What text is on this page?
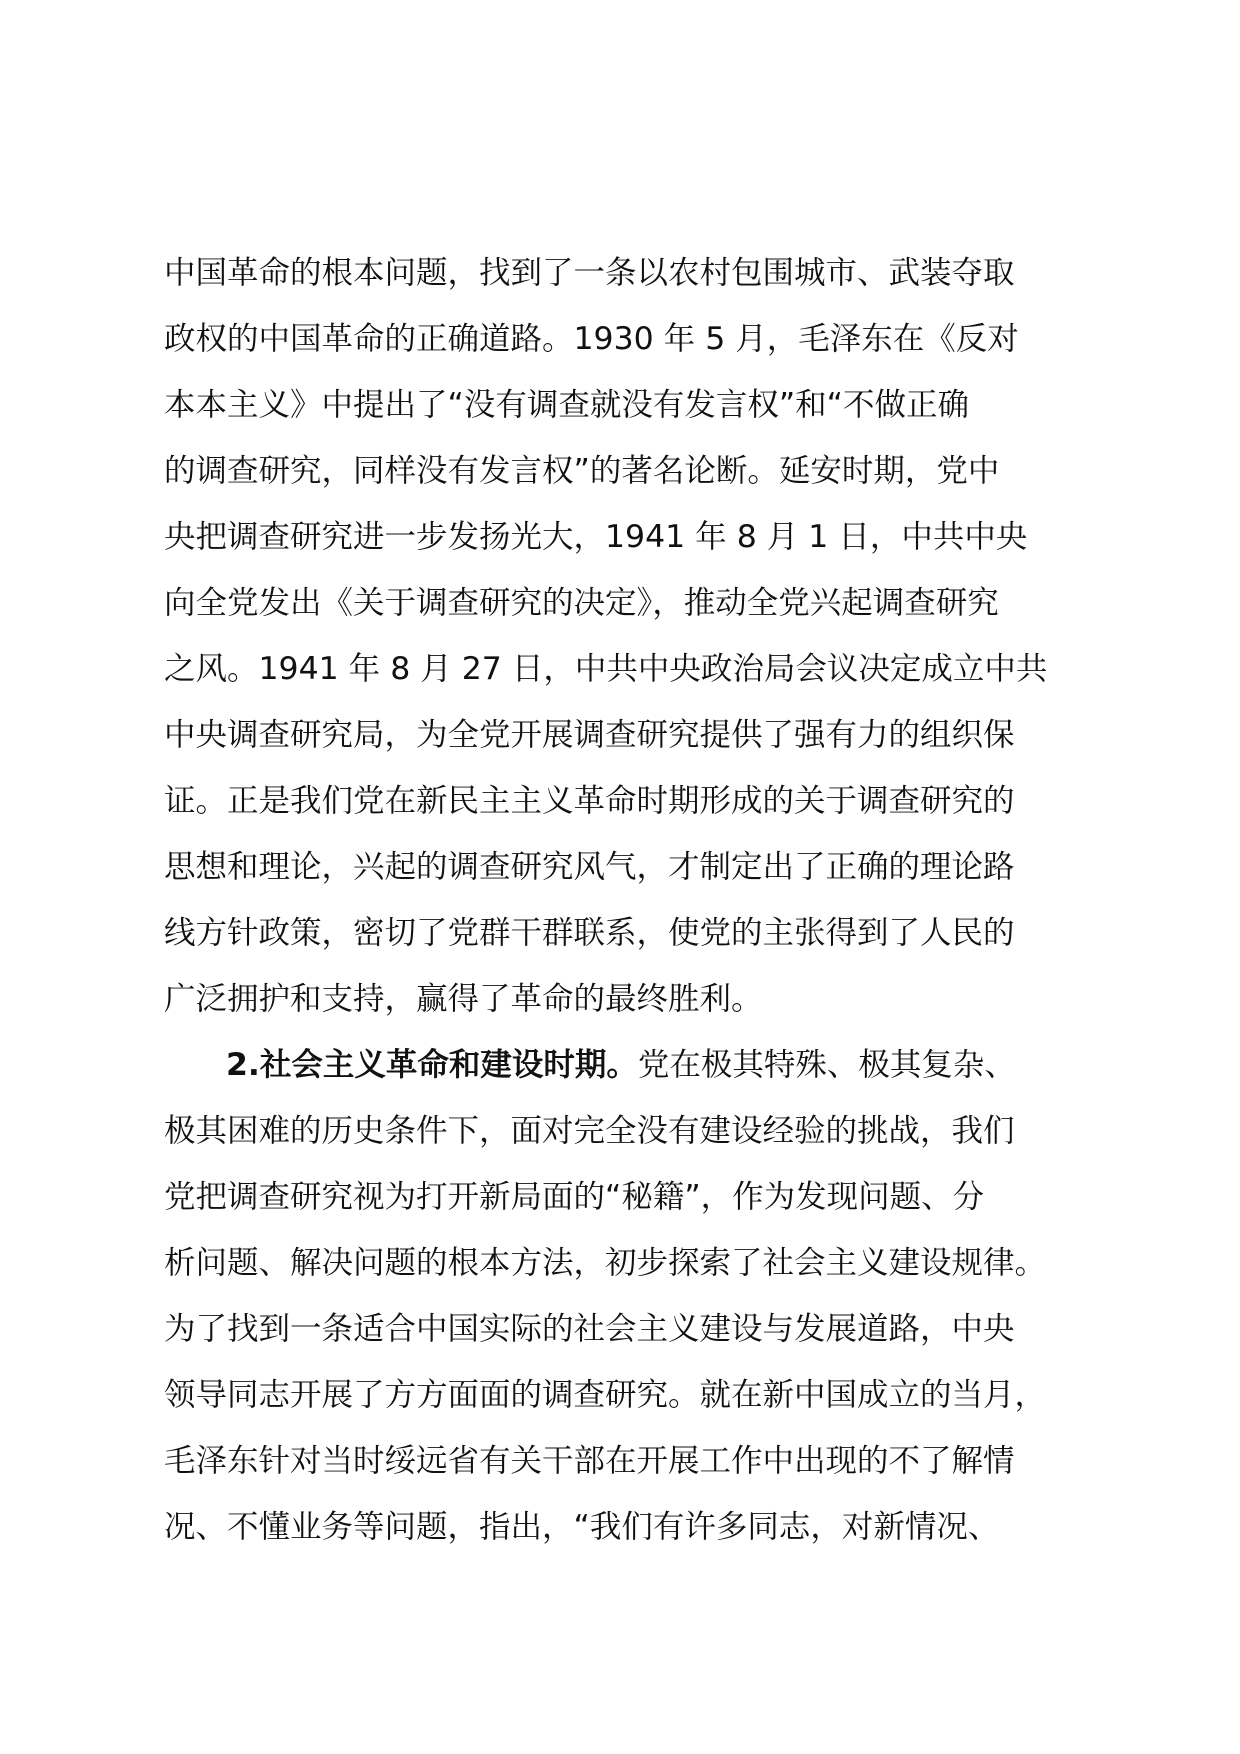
中国革命的根本问题，找到了一条以农村包围城市、武装夺取
政权的中国革命的正确道路。1930 年 5 月，毛泽东在《反对
本本主义》中提出了“没有调查就没有发言权”和“不做正确
的调查研究，同样没有发言权”的著名论断。延安时期，党中
央把调查研究进一步发扬光大，1941 年 8 月 1 日，中共中央
向全党发出《关于调查研究的决定》，推动全党兴起调查研究
之风。1941 年 8 月 27 日，中共中央政治局会议决定成立中共
中央调查研究局，为全党开展调查研究提供了强有力的组织保
证。正是我们党在新民主主义革命时期形成的关于调查研究的
思想和理论，兴起的调查研究风气，才制定出了正确的理论路
线方针政策，密切了党群干群联系，使党的主张得到了人民的
广泛拥护和支持，赢得了革命的最终胜利。
2.社会主义革命和建设时期。党在极其特殊、极其复杂、
极其困难的历史条件下，面对完全没有建设经验的挑战，我们
党把调查研究视为打开新局面的“秘籍”，作为发现问题、分
析问题、解决问题的根本方法，初步探索了社会主义建设规律。
为了找到一条适合中国实际的社会主义建设与发展道路，中央
领导同志开展了方方面面的调查研究。就在新中国成立的当月，
毛泽东针对当时绥远省有关干部在开展工作中出现的不了解情
况、不懂业务等问题，指出，“我们有许多同志，对新情况、
